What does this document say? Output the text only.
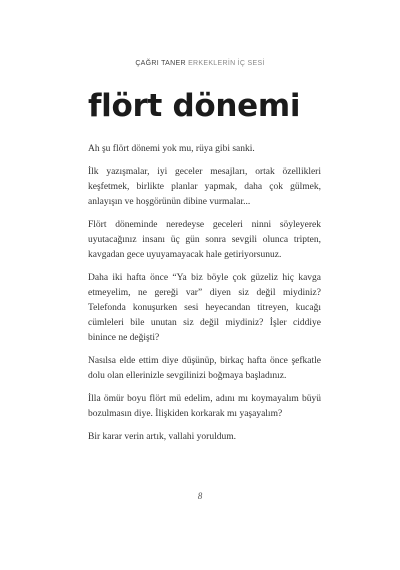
ÇAĞRI TANER ERKEKLERİN İÇ SESİ
flört dönemi

Ah şu flört dönemi yok mu, rüya gibi sanki.

İlk yazışmalar, iyi geceler mesajları, ortak özellikleri keşfetmek, birlikte planlar yapmak, daha çok gülmek, anlayışın ve hoşgörünün dibine vurmalar...

Flört döneminde neredeyse geceleri ninni söyleyerek uyutacağınız insanı üç gün sonra sevgili olunca tripten, kavgadan gece uyuyamayacak hale getiriyorsunuz.

Daha iki hafta önce “Ya biz böyle çok güzeliz hiç kavga etmeyelim, ne gereği var” diyen siz değil miydiniz? Telefonda konuşurken sesi heyecandan titreyen, kucağı cümleleri bile unutan siz değil miydiniz? İşler ciddiye binince ne değişti?

Nasılsa elde ettim diye düşünüp, birkaç hafta önce şefkatle dolu olan ellerinizle sevgilinizi boğmaya başladınız.

İlla ömür boyu flört mü edelim, adını mı koymayalım büyü bozulmasın diye. İlişkiden korkarak mı yaşayalım?

Bir karar verin artık, vallahi yoruldum.

8
